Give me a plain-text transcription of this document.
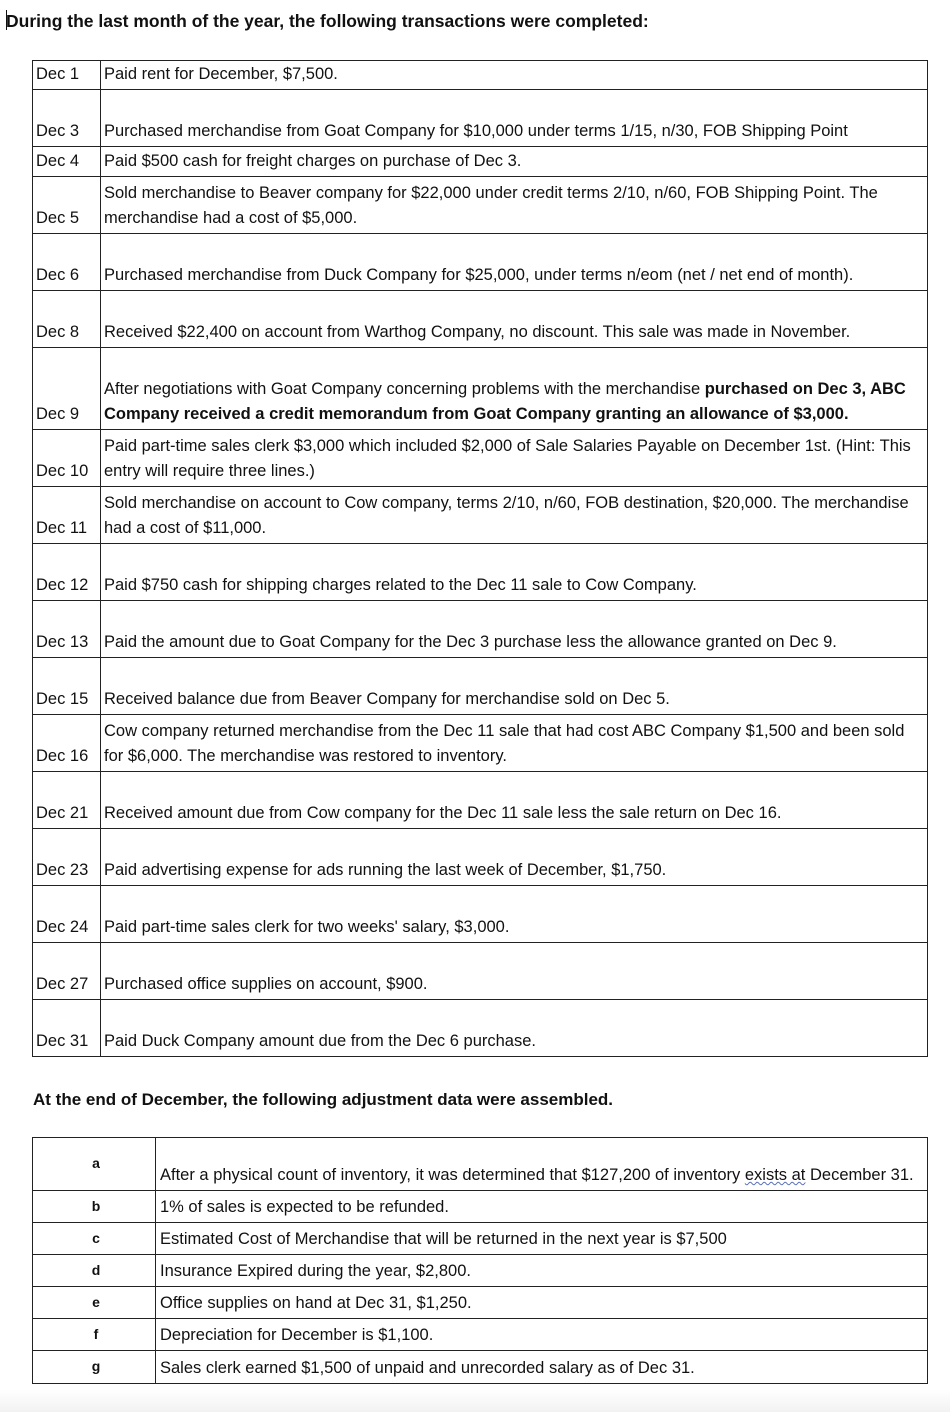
During the last month of the year, the following transactions were completed:
Dec 1	Paid rent for December, $7,500.
Dec 3	Purchased merchandise from Goat Company for $10,000 under terms 1/15, n/30, FOB Shipping Point
Dec 4	Paid $500 cash for freight charges on purchase of Dec 3.
Dec 5	Sold merchandise to Beaver company for $22,000 under credit terms 2/10, n/60, FOB Shipping Point. The merchandise had a cost of $5,000.
Dec 6	Purchased merchandise from Duck Company for $25,000, under terms n/eom (net / net end of month).
Dec 8	Received $22,400 on account from Warthog Company, no discount. This sale was made in November.
Dec 9	After negotiations with Goat Company concerning problems with the merchandise purchased on Dec 3, ABC Company received a credit memorandum from Goat Company granting an allowance of $3,000.
Dec 10	Paid part-time sales clerk $3,000 which included $2,000 of Sale Salaries Payable on December 1st. (Hint: This entry will require three lines.)
Dec 11	Sold merchandise on account to Cow company, terms 2/10, n/60, FOB destination, $20,000. The merchandise had a cost of $11,000.
Dec 12	Paid $750 cash for shipping charges related to the Dec 11 sale to Cow Company.
Dec 13	Paid the amount due to Goat Company for the Dec 3 purchase less the allowance granted on Dec 9.
Dec 15	Received balance due from Beaver Company for merchandise sold on Dec 5.
Dec 16	Cow company returned merchandise from the Dec 11 sale that had cost ABC Company $1,500 and been sold for $6,000. The merchandise was restored to inventory.
Dec 21	Received amount due from Cow company for the Dec 11 sale less the sale return on Dec 16.
Dec 23	Paid advertising expense for ads running the last week of December, $1,750.
Dec 24	Paid part-time sales clerk for two weeks' salary, $3,000.
Dec 27	Purchased office supplies on account, $900.
Dec 31	Paid Duck Company amount due from the Dec 6 purchase.
At the end of December, the following adjustment data were assembled.
a	After a physical count of inventory, it was determined that $127,200 of inventory exists at December 31.
b	1% of sales is expected to be refunded.
c	Estimated Cost of Merchandise that will be returned in the next year is $7,500
d	Insurance Expired during the year, $2,800.
e	Office supplies on hand at Dec 31, $1,250.
f	Depreciation for December is $1,100.
g	Sales clerk earned $1,500 of unpaid and unrecorded salary as of Dec 31.
